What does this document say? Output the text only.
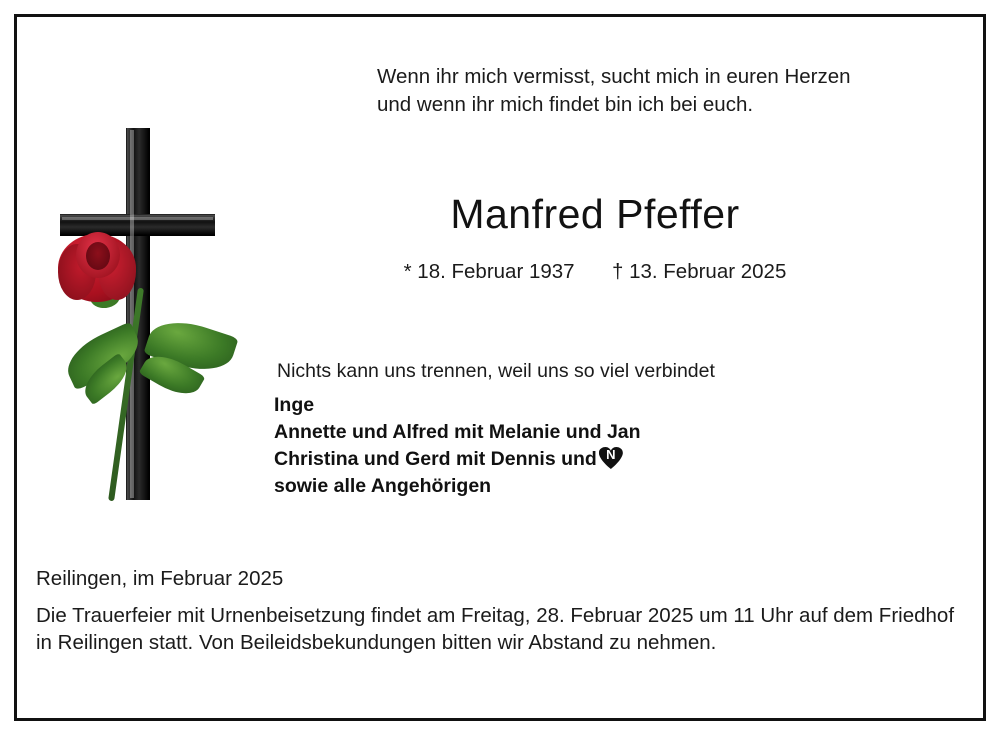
Wenn ihr mich vermisst, sucht mich in euren Herzen
und wenn ihr mich findet bin ich bei euch.
Manfred Pfeffer
* 18. Februar 1937 † 13. Februar 2025
Nichts kann uns trennen, weil uns so viel verbindet
Inge
Annette und Alfred mit Melanie und Jan
Christina und Gerd mit Dennis und N
sowie alle Angehörigen
Reilingen, im Februar 2025
Die Trauerfeier mit Urnenbeisetzung findet am Freitag, 28. Februar 2025 um 11 Uhr auf dem Friedhof in Reilingen statt. Von Beileidsbekundungen bitten wir Abstand zu nehmen.
